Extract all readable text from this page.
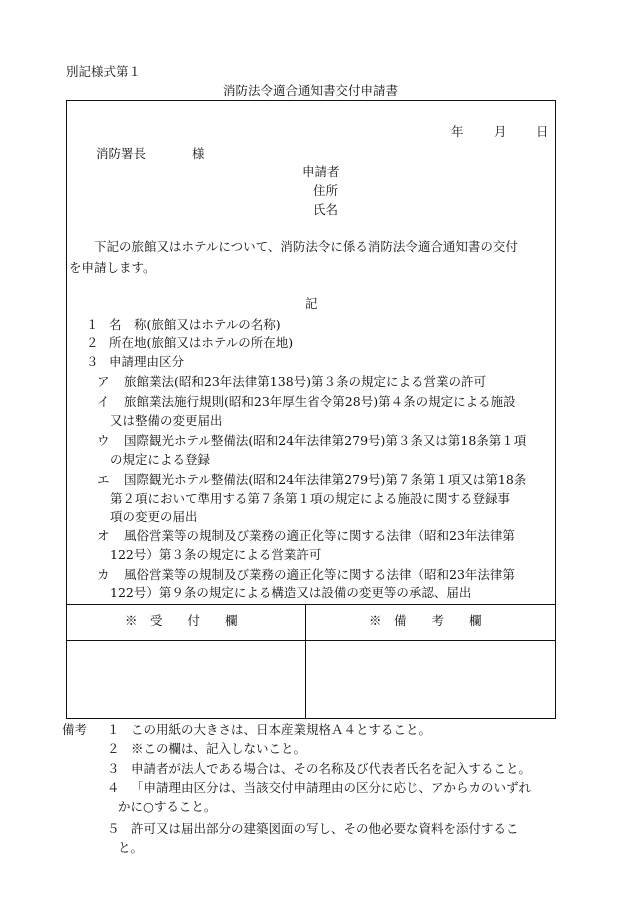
別記様式第１
消防法令適合通知書交付申請書
年 月 日
消防署長	様
申請者
住所
氏名
下記の旅館又はホテルについて、消防法令に係る消防法令適合通知書の交付
を申請します。
記
１ 名　称(旅館又はホテルの名称)
２ 所在地(旅館又はホテルの所在地)
３ 申請理由区分
ア 旅館業法(昭和23年法律第138号)第３条の規定による営業の許可
イ 旅館業法施行規則(昭和23年厚生省令第28号)第４条の規定による施設
又は整備の変更届出
ウ 国際観光ホテル整備法(昭和24年法律第279号)第３条又は第18条第１項
の規定による登録
エ 国際観光ホテル整備法(昭和24年法律第279号)第７条第１項又は第18条
第２項において準用する第７条第１項の規定による施設に関する登録事
項の変更の届出
オ 風俗営業等の規制及び業務の適正化等に関する法律（昭和23年法律第
122号）第３条の規定による営業許可
カ 風俗営業等の規制及び業務の適正化等に関する法律（昭和23年法律第
122号）第９条の規定による構造又は設備の変更等の承認、届出
※　受　　付　　欄	※　備　　考　　欄
備考 １ この用紙の大きさは、日本産業規格Ａ４とすること。
２ ※この欄は、記入しないこと。
３ 申請者が法人である場合は、その名称及び代表者氏名を記入すること。
４ 「申請理由区分は、当該交付申請理由の区分に応じ、アからカのいずれ
かに○すること。
５ 許可又は届出部分の建築図面の写し、その他必要な資料を添付するこ
と。
